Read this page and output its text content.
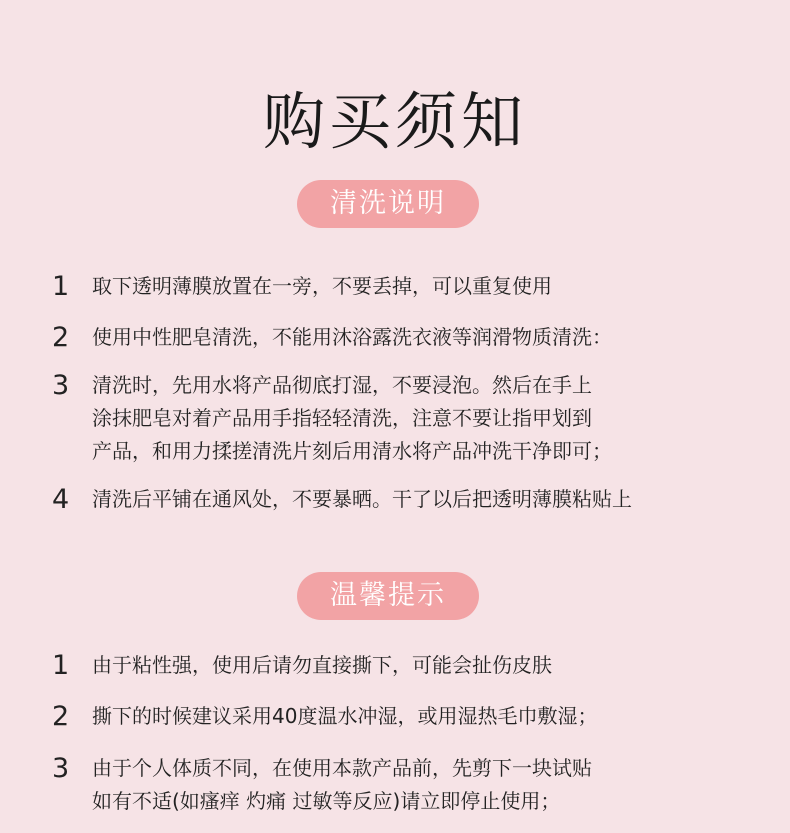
购买须知
清洗说明
1 取下透明薄膜放置在一旁，不要丢掉，可以重复使用
2 使用中性肥皂清洗，不能用沐浴露洗衣液等润滑物质清洗：
3 清洗时，先用水将产品彻底打湿，不要浸泡。然后在手上
涂抹肥皂对着产品用手指轻轻清洗，注意不要让指甲划到
产品，和用力揉搓清洗片刻后用清水将产品冲洗干净即可；
4 清洗后平铺在通风处，不要暴晒。干了以后把透明薄膜粘贴上
温馨提示
1 由于粘性强，使用后请勿直接撕下，可能会扯伤皮肤
2 撕下的时候建议采用40度温水冲湿，或用湿热毛巾敷湿；
3 由于个人体质不同，在使用本款产品前，先剪下一块试贴
如有不适(如瘙痒 灼痛 过敏等反应)请立即停止使用；
